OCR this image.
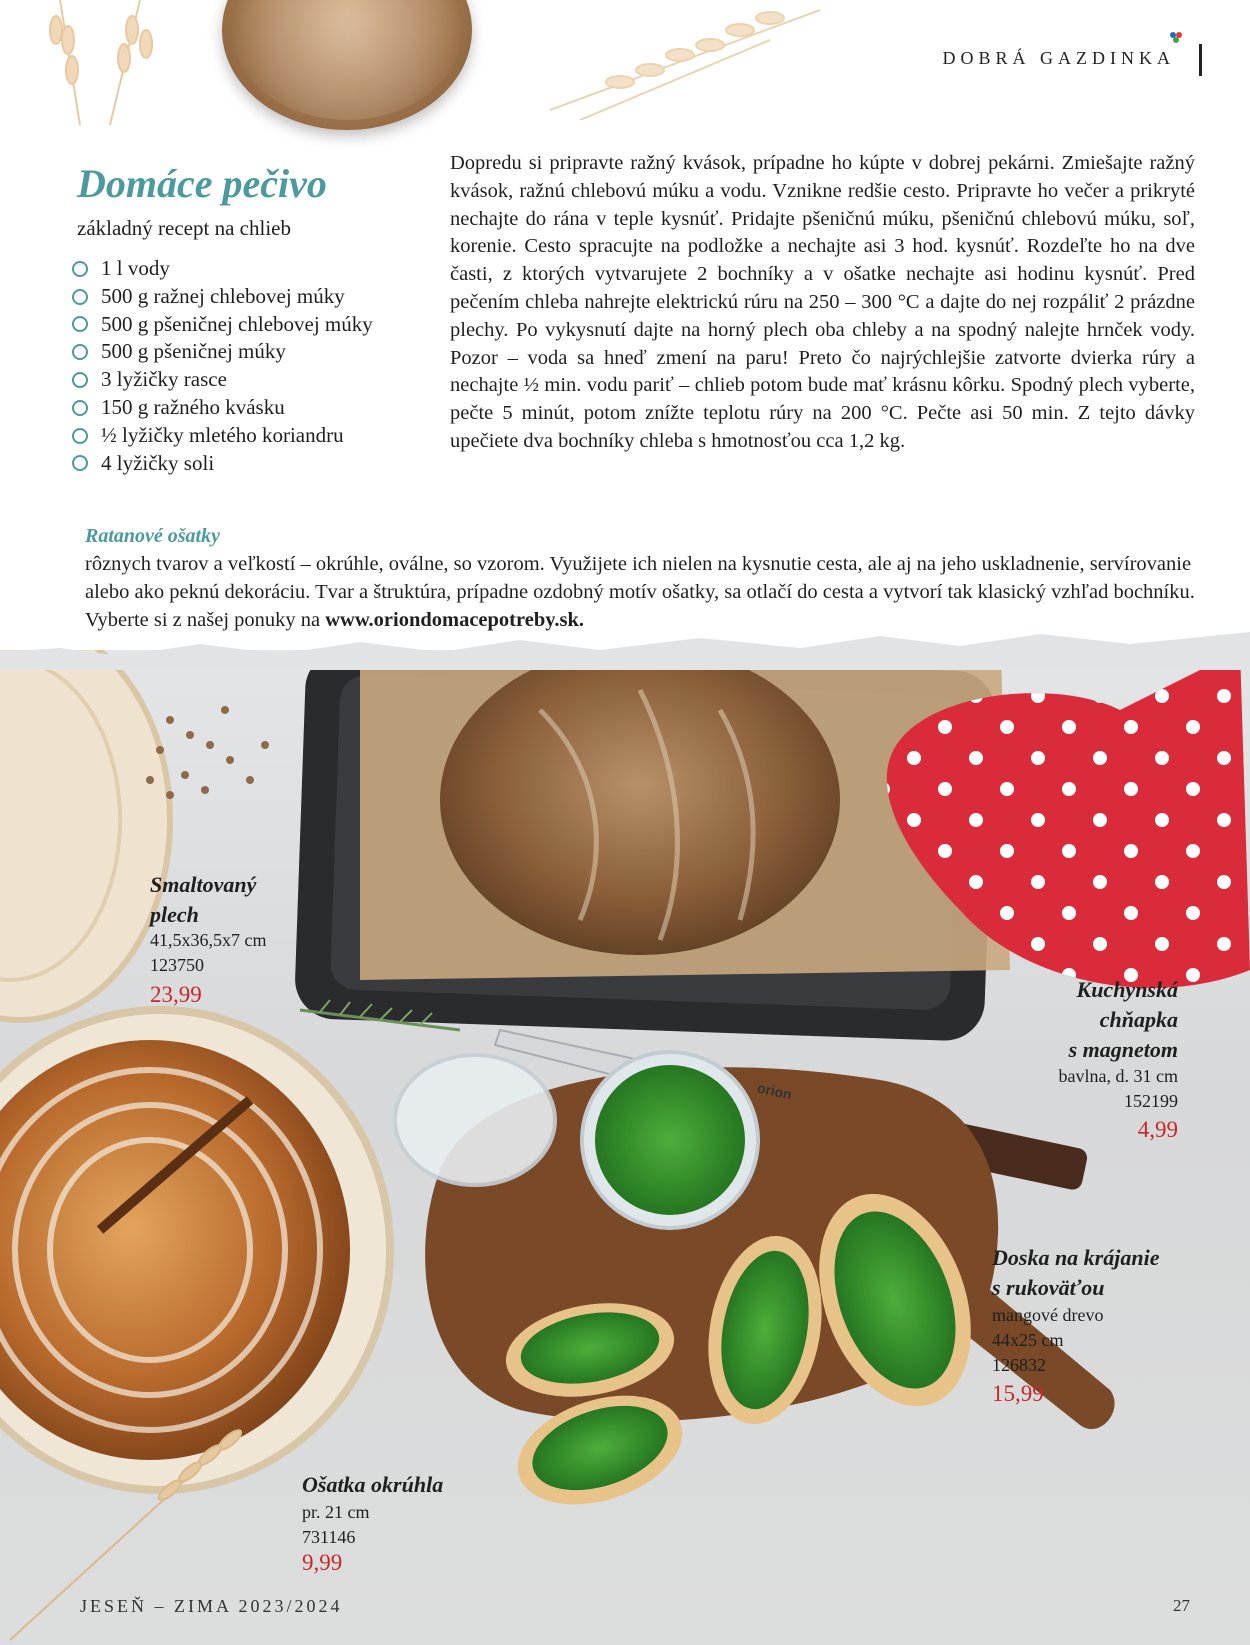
DOBRÁ GAZDINKA
Domáce pečivo
základný recept na chlieb
1 l vody
500 g ražnej chlebovej múky
500 g pšeničnej chlebovej múky
500 g pšeničnej múky
3 lyžičky rasce
150 g ražného kvásku
½ lyžičky mletého koriandru
4 lyžičky soli

Dopredu si pripravte ražný kvások, prípadne ho kúpte v dobrej pekárni. Zmiešajte ražný kvások, ražnú chlebovú múku a vodu. Vznikne redšie cesto. Pripravte ho večer a prikryté nechajte do rána v teple kysnúť. Pridajte pšeničnú múku, pšeničnú chlebovú múku, soľ, korenie. Cesto spracujte na podložke a nechajte asi 3 hod. kysnúť. Rozdeľte ho na dve časti, z ktorých vytvarujete 2 bochníky a v ošatke nechajte asi hodinu kysnúť. Pred pečením chleba nahrejte elektrickú rúru na 250 – 300 °C a dajte do nej rozpáliť 2 prázdne plechy. Po vykysnutí dajte na horný plech oba chleby a na spodný nalejte hrnček vody. Pozor – voda sa hneď zmení na paru! Preto čo najrýchlejšie zatvorte dvierka rúry a nechajte ½ min. vodu pariť – chlieb potom bude mať krásnu kôrku. Spodný plech vyberte, pečte 5 minút, potom znížte teplotu rúry na 200 °C. Pečte asi 50 min. Z tejto dávky upečiete dva bochníky chleba s hmotnosťou cca 1,2 kg.

Ratanové ošatky

rôznych tvarov a veľkostí – okrúhle, oválne, so vzorom. Využijete ich nielen na kysnutie cesta, ale aj na jeho uskladnenie, servírovanie alebo ako peknú dekoráciu. Tvar a štruktúra, prípadne ozdobný motív ošatky, sa otlačí do cesta a vytvorí tak klasický vzhľad bochníku. Vyberte si z našej ponuky na www.oriondomacepotreby.sk.

orion
Smaltovaný
plech
41,5x36,5x7 cm
123750
23,99	Kuchynská
chňapka
s magnetom
bavlna, d. 31 cm
152199
4,99
Doska na krájanie
s rukoväťou
mangové drevo
44x25 cm
126832
15,99
Ošatka okrúhla
pr. 21 cm
731146
9,99
JESEŇ – ZIMA 2023/2024	27
